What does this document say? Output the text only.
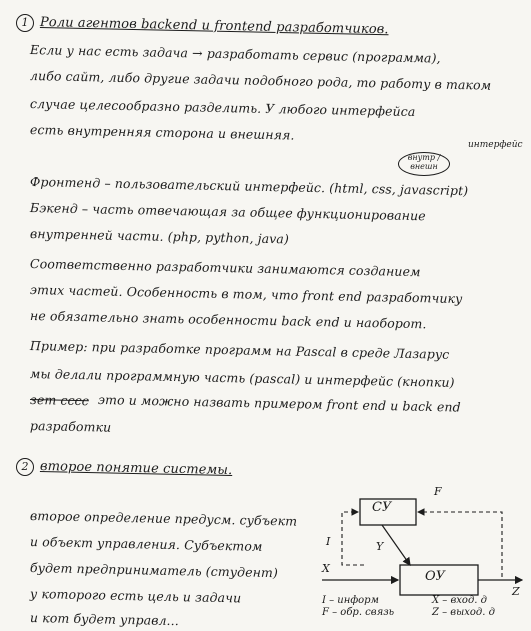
1 Роли агентов backend и frontend разработчиков.
Если у нас есть задача → разработать сервис (программа),
либо сайт, либо другие задачи подобного рода, то работу в таком
случае целесообразно разделить. У любого интерфейса
есть внутренняя сторона и внешняя.
интерфейс
внутр / внешн
Фронтенд – пользовательский интерфейс. (html, css, javascript)
Бэкенд – часть отвечающая за общее функционирование
внутренней части. (php, python, java)
Соответственно разработчики занимаются созданием
этих частей. Особенность в том, что front end разработчику
не обязательно знать особенности back end и наоборот.
Пример: при разработке программ на Pascal в среде Лазарус
мы делали программную часть (pascal) и интерфейс (кнопки)
это и можно назвать примером front end и back end
зет cccc
разработки
2 второе понятие системы.
второе определение предусм. субъект
и объект управления. Субъектом
будет предприниматель (студент)
у которого есть цель и задачи
и кот будет управл...
СУ
ОУ
I
F
Y
X
Z
I – информ
F – обр. связь
X – вход. д
Z – выход. д
